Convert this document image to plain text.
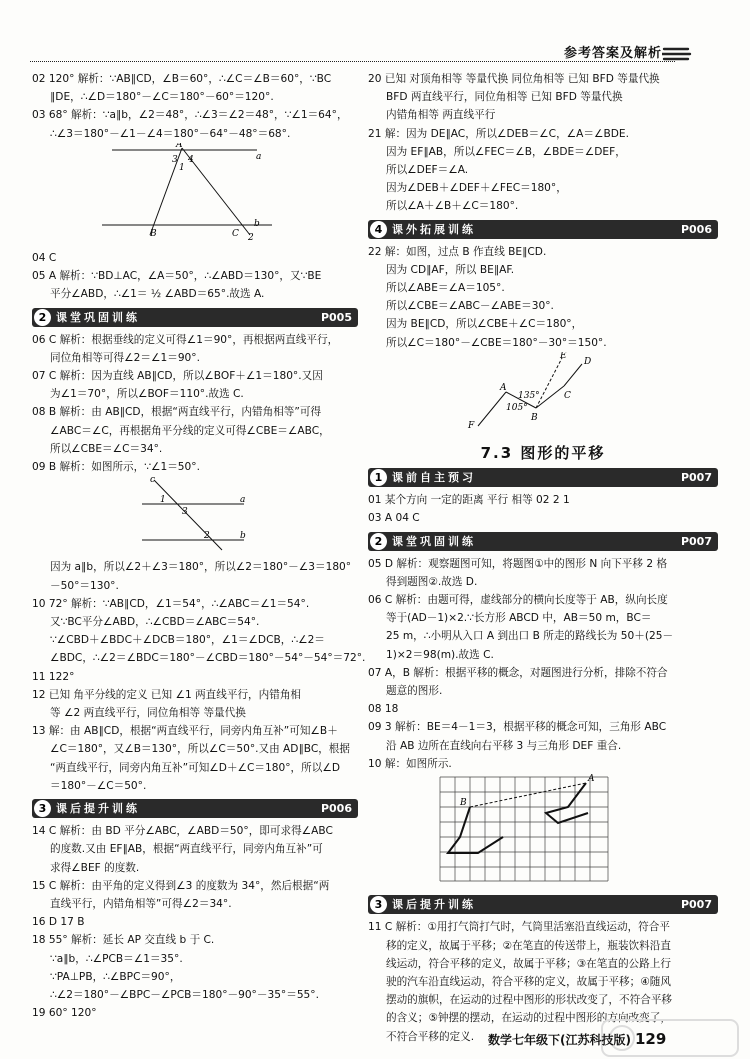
参考答案及解析
02 120° 解析：∵AB∥CD，∠B＝60°，∴∠C＝∠B＝60°，∵BC
∥DE，∴∠D＝180°－∠C＝180°－60°＝120°.
03 68° 解析：∵a∥b，∠2＝48°，∴∠3＝∠2＝48°，∵∠1＝64°，
∴∠3＝180°－∠1－∠4＝180°－64°－48°＝68°.
A
a
b
B	C
3
1
4
2
04 C
05 A 解析：∵BD⊥AC，∠A＝50°，∴∠ABD＝130°，又∵BE
平分∠ABD，∴∠1＝ ½ ∠ABD＝65°.故选 A.
2 课堂巩固训练	P005
06 C 解析：根据垂线的定义可得∠1＝90°，再根据两直线平行，
同位角相等可得∠2＝∠1＝90°.
07 C 解析：因为直线 AB∥CD，所以∠BOF＋∠1＝180°.又因
为∠1＝70°，所以∠BOF＝110°.故选 C.
08 B 解析：由 AB∥CD，根据“两直线平行，内错角相等”可得
∠ABC＝∠C，再根据角平分线的定义可得∠CBE＝∠ABC，
所以∠CBE＝∠C＝34°.
09 B 解析：如图所示，∵∠1＝50°.
c
a
b
1
3
2
因为 a∥b，所以∠2＋∠3＝180°，所以∠2＝180°－∠3＝180°
－50°＝130°.
10 72° 解析：∵AB∥CD，∠1＝54°，∴∠ABC＝∠1＝54°.
又∵BC平分∠ABD，∴∠CBD＝∠ABC＝54°.
∵∠CBD＋∠BDC＋∠DCB＝180°，∠1＝∠DCB，∴∠2＝
∠BDC，∴∠2＝∠BDC＝180°－∠CBD＝180°－54°－54°＝72°.
11 122°
12 已知 角平分线的定义 已知 ∠1 两直线平行，内错角相
等 ∠2 两直线平行，同位角相等 等量代换
13 解：由 AB∥CD，根据“两直线平行，同旁内角互补”可知∠B＋
∠C＝180°，又∠B＝130°，所以∠C＝50°.又由 AD∥BC，根据
“两直线平行，同旁内角互补”可知∠D＋∠C＝180°，所以∠D
＝180°－∠C＝50°.
3 课后提升训练	P006
14 C 解析：由 BD 平分∠ABC，∠ABD＝50°，即可求得∠ABC
的度数.又由 EF∥AB，根据“两直线平行，同旁内角互补”可
求得∠BEF 的度数.
15 C 解析：由平角的定义得到∠3 的度数为 34°，然后根据“两
直线平行，内错角相等”可得∠2＝34°.
16 D 17 B
18 55° 解析：延长 AP 交直线 b 于 C.
∵a∥b，∴∠PCB＝∠1＝35°.
∵PA⊥PB，∴∠BPC＝90°，
∴∠2＝180°－∠BPC－∠PCB＝180°－90°－35°＝55°.
19 60° 120°
20 已知 对顶角相等 等量代换 同位角相等 已知 BFD 等量代换
BFD 两直线平行，同位角相等 已知 BFD 等量代换
内错角相等 两直线平行
21 解：因为 DE∥AC，所以∠DEB＝∠C，∠A＝∠BDE.
因为 EF∥AB，所以∠FEC＝∠B，∠BDE＝∠DEF，
所以∠DEF＝∠A.
因为∠DEB＋∠DEF＋∠FEC＝180°，
所以∠A＋∠B＋∠C＝180°.
4 课外拓展训练	P006
22 解：如图，过点 B 作直线 BE∥CD.
因为 CD∥AF，所以 BE∥AF.
所以∠ABE＝∠A＝105°.
所以∠CBE＝∠ABC－∠ABE＝30°.
因为 BE∥CD，所以∠CBE＋∠C＝180°，
所以∠C＝180°－∠CBE＝180°－30°＝150°.
F
A
B
C
D
E
135°
105°
7.3 图形的平移
1 课前自主预习	P007
01 某个方向 一定的距离 平行 相等 02 2 1
03 A 04 C
2 课堂巩固训练	P007
05 D 解析：观察题图可知，将题图①中的图形 N 向下平移 2 格
得到题图②.故选 D.
06 C 解析：由题可得，虚线部分的横向长度等于 AB，纵向长度
等于(AD－1)×2.∵长方形 ABCD 中，AB＝50 m，BC＝
25 m，∴小明从入口 A 到出口 B 所走的路线长为 50＋(25－
1)×2＝98(m).故选 C.
07 A，B 解析：根据平移的概念，对题图进行分析，排除不符合
题意的图形.
08 18
09 3 解析：BE＝4－1＝3，根据平移的概念可知，三角形 ABC
沿 AB 边所在直线向右平移 3 与三角形 DEF 重合.
10 解：如图所示.
A
B
3 课后提升训练	P007
11 C 解析：①用打气筒打气时，气筒里活塞沿直线运动，符合平
移的定义，故属于平移；②在笔直的传送带上，瓶装饮料沿直
线运动，符合平移的定义，故属于平移；③在笔直的公路上行
驶的汽车沿直线运动，符合平移的定义，故属于平移；④随风
摆动的旗帜，在运动的过程中图形的形状改变了，不符合平移
的含义；⑤钟摆的摆动，在运动的过程中图形的方向改变了，
不符合平移的定义.	数学七年级下(江苏科技版) 129
